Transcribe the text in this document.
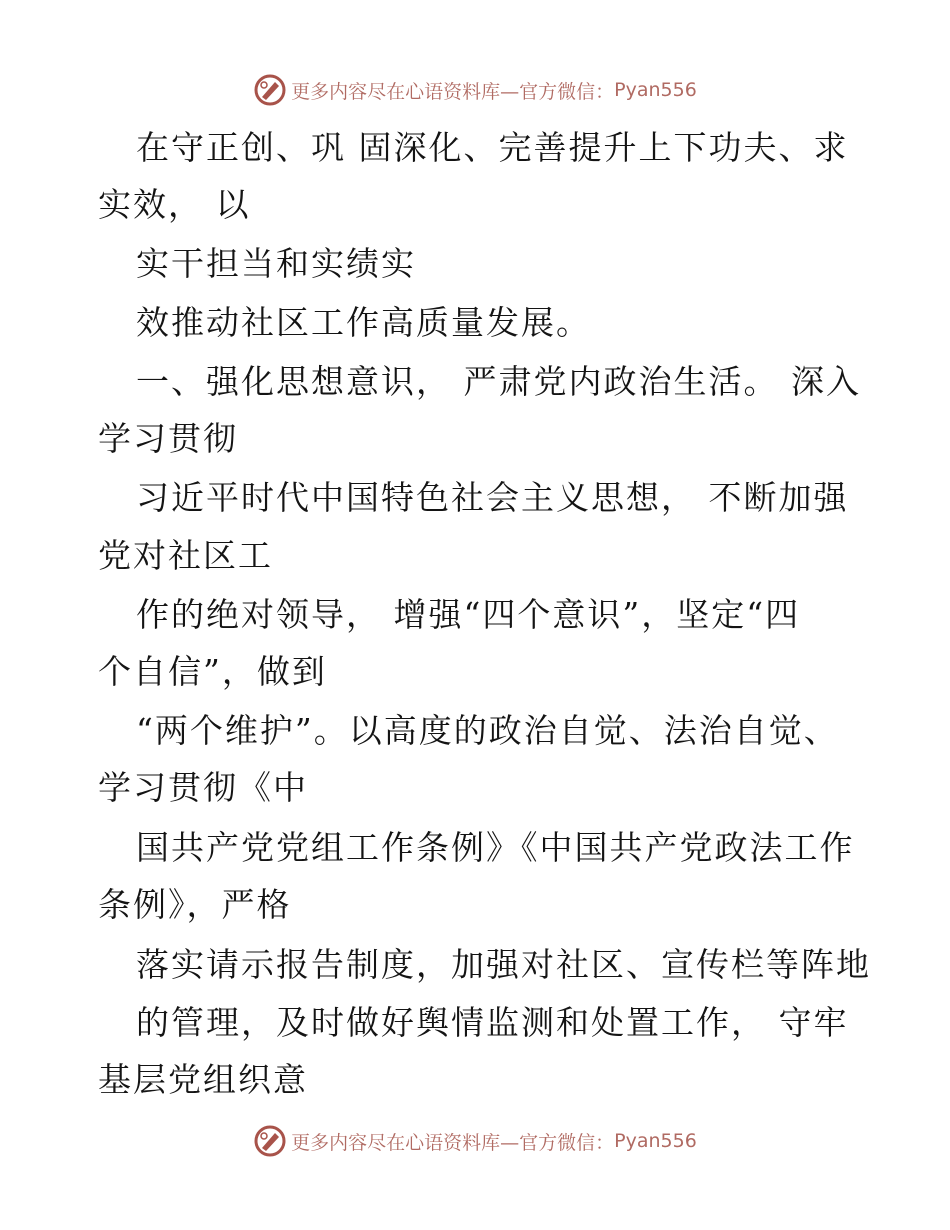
更多内容尽在心语资料库—官方微信： Pyan556
在守正创、巩 固深化、完善提升上下功夫、求
实效， 以
实干担当和实绩实
效推动社区工作高质量发展。
一、强化思想意识， 严肃党内政治生活。 深入
学习贯彻
习近平时代中国特色社会主义思想， 不断加强
党对社区工
作的绝对领导， 增强“四个意识”，坚定“四
个自信”，做到
“两个维护”。以高度的政治自觉、法治自觉、
学习贯彻《中
国共产党党组工作条例》《中国共产党政法工作
条例》，严格
落实请示报告制度，加强对社区、宣传栏等阵地
的管理，及时做好舆情监测和处置工作， 守牢
基层党组织意
更多内容尽在心语资料库—官方微信： Pyan556
